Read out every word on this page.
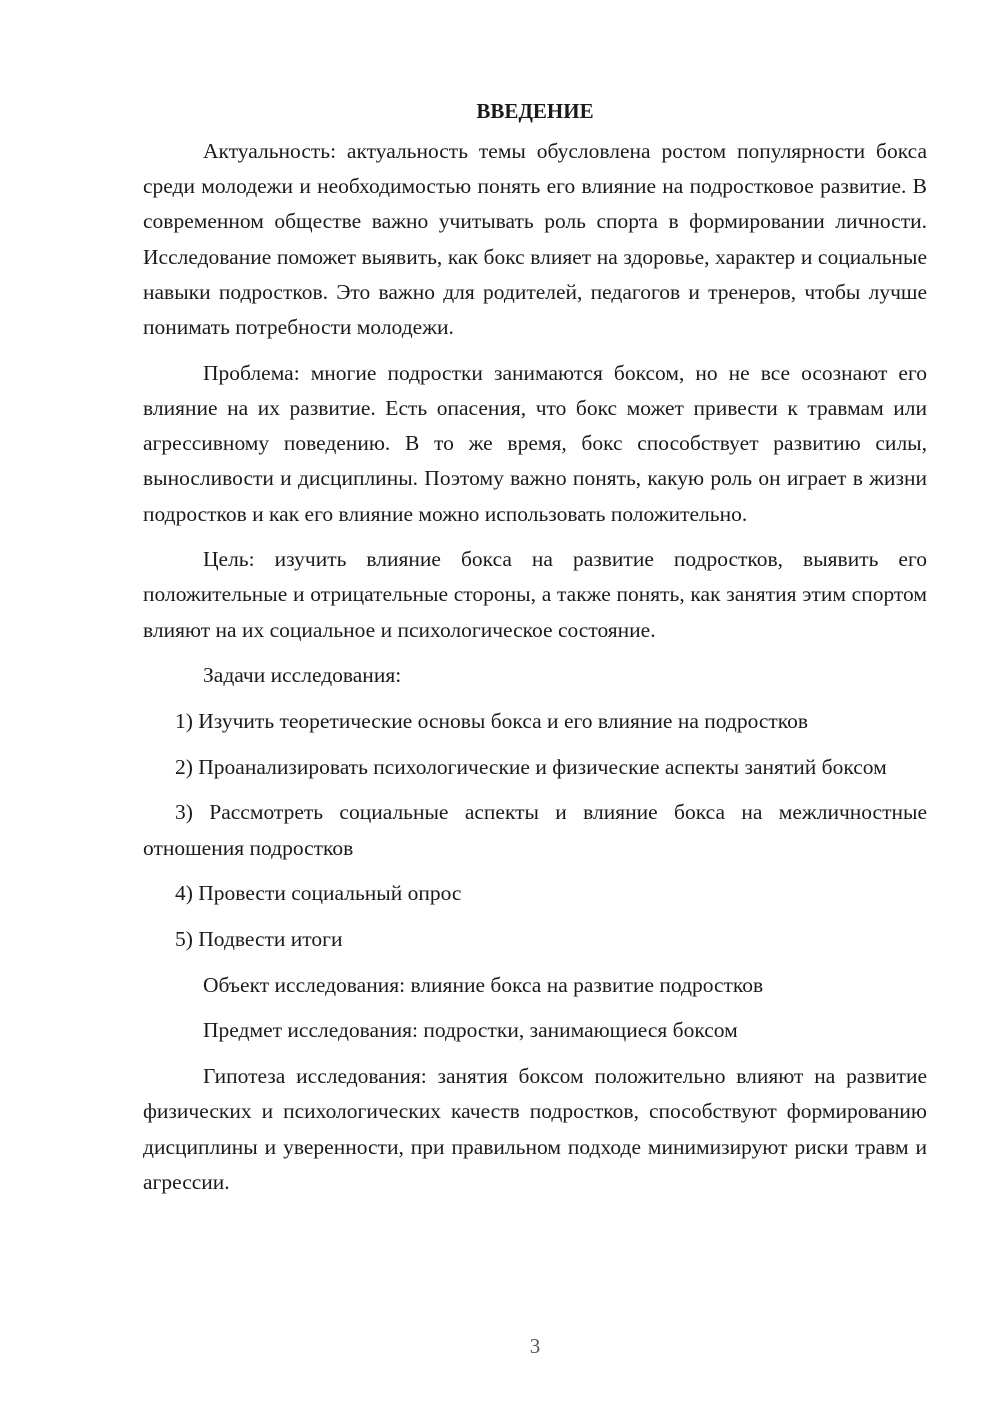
ВВЕДЕНИЕ

Актуальность: актуальность темы обусловлена ростом популярности бокса среди молодежи и необходимостью понять его влияние на подростковое развитие. В современном обществе важно учитывать роль спорта в формировании личности. Исследование поможет выявить, как бокс влияет на здоровье, характер и социальные навыки подростков. Это важно для родителей, педагогов и тренеров, чтобы лучше понимать потребности молодежи.

Проблема: многие подростки занимаются боксом, но не все осознают его влияние на их развитие. Есть опасения, что бокс может привести к травмам или агрессивному поведению. В то же время, бокс способствует развитию силы, выносливости и дисциплины. Поэтому важно понять, какую роль он играет в жизни подростков и как его влияние можно использовать положительно.

Цель: изучить влияние бокса на развитие подростков, выявить его положительные и отрицательные стороны, а также понять, как занятия этим спортом влияют на их социальное и психологическое состояние.

Задачи исследования:

1) Изучить теоретические основы бокса и его влияние на подростков

2) Проанализировать психологические и физические аспекты занятий боксом

3) Рассмотреть социальные аспекты и влияние бокса на межличностные отношения подростков

4) Провести социальный опрос

5) Подвести итоги

Объект исследования: влияние бокса на развитие подростков

Предмет исследования: подростки, занимающиеся боксом

Гипотеза исследования: занятия боксом положительно влияют на развитие физических и психологических качеств подростков, способствуют формированию дисциплины и уверенности, при правильном подходе минимизируют риски травм и агрессии.

3
